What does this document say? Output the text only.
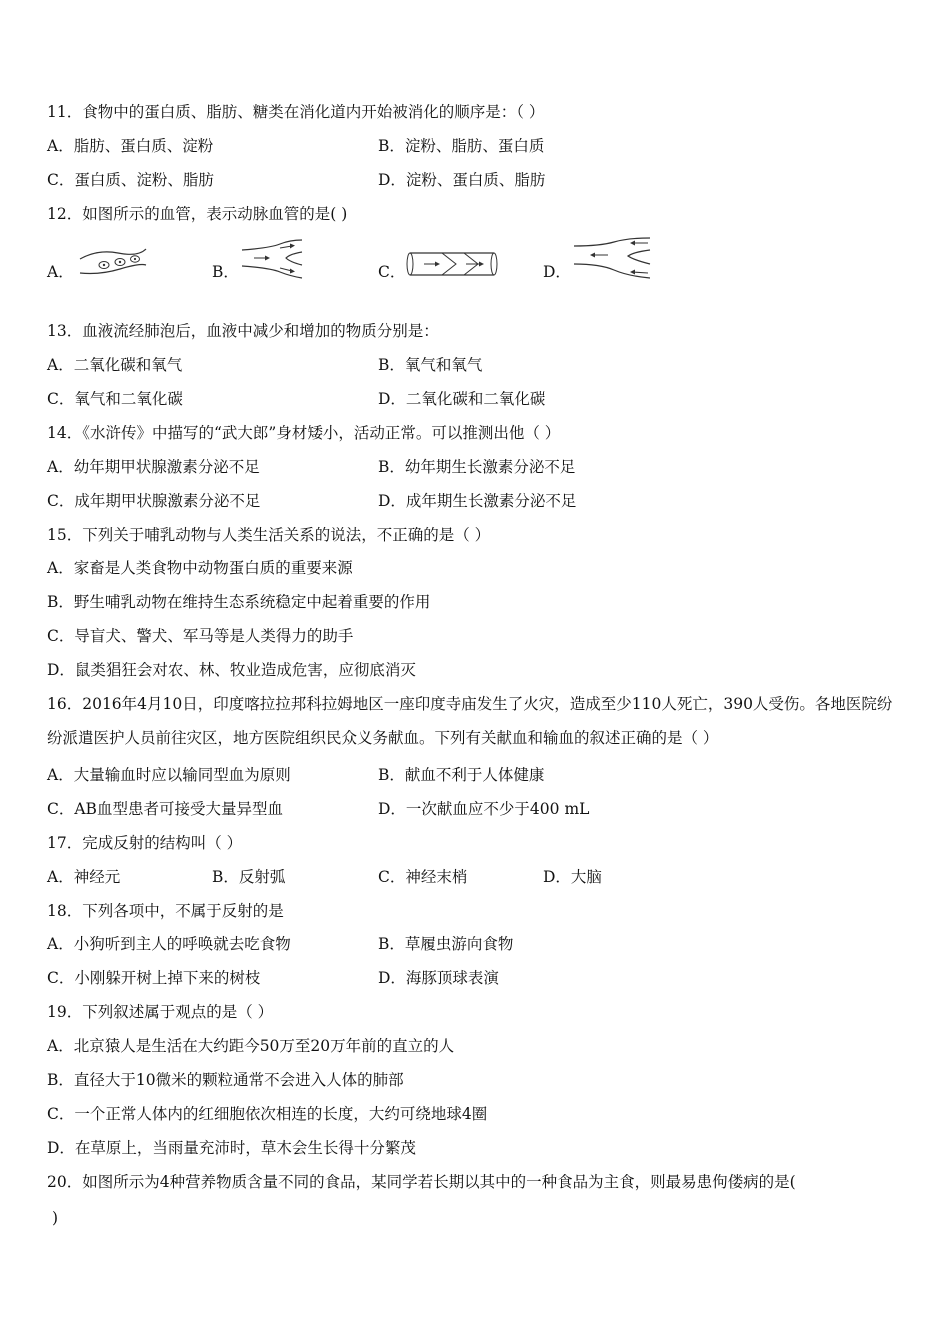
11．食物中的蛋白质、脂肪、糖类在消化道内开始被消化的顺序是：（ ）
A．脂肪、蛋白质、淀粉	B．淀粉、脂肪、蛋白质
C．蛋白质、淀粉、脂肪	D．淀粉、蛋白质、脂肪
12．如图所示的血管，表示动脉血管的是( )
A．	B．	C．	D．
13．血液流经肺泡后，血液中减少和增加的物质分别是：
A．二氧化碳和氧气	B．氧气和氧气
C．氧气和二氧化碳	D．二氧化碳和二氧化碳
14．《水浒传》中描写的“武大郎”身材矮小，活动正常。可以推测出他（ ）
A．幼年期甲状腺激素分泌不足	B．幼年期生长激素分泌不足
C．成年期甲状腺激素分泌不足	D．成年期生长激素分泌不足
15．下列关于哺乳动物与人类生活关系的说法，不正确的是（ ）
A．家畜是人类食物中动物蛋白质的重要来源
B．野生哺乳动物在维持生态系统稳定中起着重要的作用
C．导盲犬、警犬、军马等是人类得力的助手
D．鼠类猖狂会对农、林、牧业造成危害，应彻底消灭
16．2016年4月10日，印度喀拉拉邦科拉姆地区一座印度寺庙发生了火灾，造成至少110人死亡，390人受伤。各地医院纷纷派遣医护人员前往灾区，地方医院组织民众义务献血。下列有关献血和输血的叙述正确的是（ ）
A．大量输血时应以输同型血为原则	B．献血不利于人体健康
C．AB血型患者可接受大量异型血	D．一次献血应不少于400 mL
17．完成反射的结构叫（ ）
A．神经元	B．反射弧	C．神经末梢	D．大脑
18．下列各项中，不属于反射的是
A．小狗听到主人的呼唤就去吃食物	B．草履虫游向食物
C．小刚躲开树上掉下来的树枝	D．海豚顶球表演
19．下列叙述属于观点的是（ ）
A．北京猿人是生活在大约距今50万至20万年前的直立的人
B．直径大于10微米的颗粒通常不会进入人体的肺部
C．一个正常人体内的红细胞依次相连的长度，大约可绕地球4圈
D．在草原上，当雨量充沛时，草木会生长得十分繁茂
20．如图所示为4种营养物质含量不同的食品，某同学若长期以其中的一种食品为主食，则最易患佝偻病的是(
)
